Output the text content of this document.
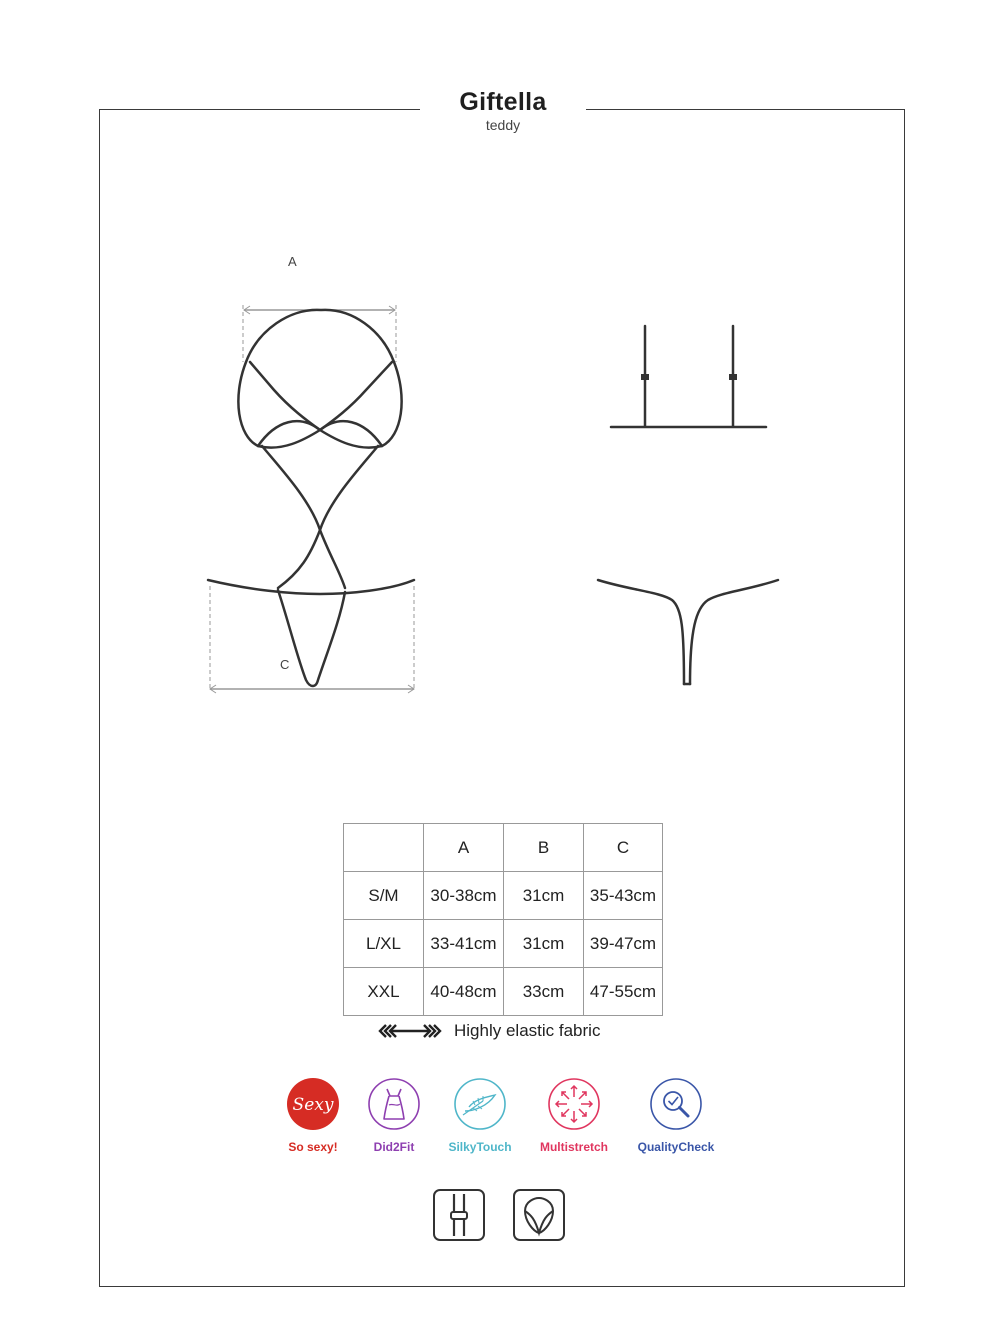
Giftella
teddy
A
C
	A	B	C
S/M	30-38cm	31cm	35-43cm
L/XL	33-41cm	31cm	39-47cm
XXL	40-48cm	33cm	47-55cm
Highly elastic fabric
Sexy
So sexy!	Did2Fit	SilkyTouch	Multistretch	QualityCheck
